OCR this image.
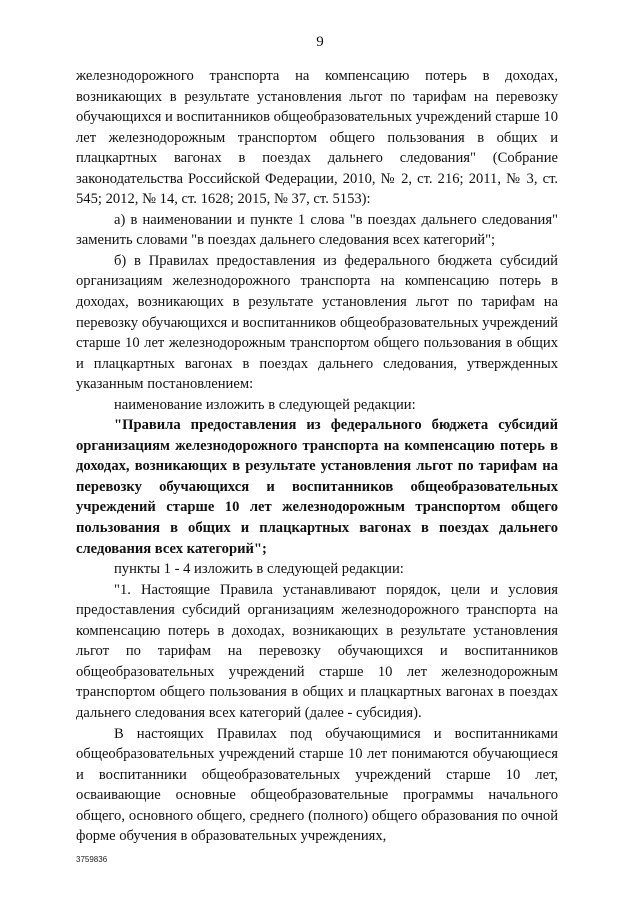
9

железнодорожного транспорта на компенсацию потерь в доходах, возникающих в результате установления льгот по тарифам на перевозку обучающихся и воспитанников общеобразовательных учреждений старше 10 лет железнодорожным транспортом общего пользования в общих и плацкартных вагонах в поездах дальнего следования" (Собрание законодательства Российской Федерации, 2010, № 2, ст. 216; 2011, № 3, ст. 545; 2012, № 14, ст. 1628; 2015, № 37, ст. 5153):

а) в наименовании и пункте 1 слова "в поездах дальнего следования" заменить словами "в поездах дальнего следования всех категорий";

б) в Правилах предоставления из федерального бюджета субсидий организациям железнодорожного транспорта на компенсацию потерь в доходах, возникающих в результате установления льгот по тарифам на перевозку обучающихся и воспитанников общеобразовательных учреждений старше 10 лет железнодорожным транспортом общего пользования в общих и плацкартных вагонах в поездах дальнего следования, утвержденных указанным постановлением:

наименование изложить в следующей редакции:

"Правила предоставления из федерального бюджета субсидий организациям железнодорожного транспорта на компенсацию потерь в доходах, возникающих в результате установления льгот по тарифам на перевозку обучающихся и воспитанников общеобразовательных учреждений старше 10 лет железнодорожным транспортом общего пользования в общих и плацкартных вагонах в поездах дальнего следования всех категорий";

пункты 1 - 4 изложить в следующей редакции:

"1. Настоящие Правила устанавливают порядок, цели и условия предоставления субсидий организациям железнодорожного транспорта на компенсацию потерь в доходах, возникающих в результате установления льгот по тарифам на перевозку обучающихся и воспитанников общеобразовательных учреждений старше 10 лет железнодорожным транспортом общего пользования в общих и плацкартных вагонах в поездах дальнего следования всех категорий (далее - субсидия).

В настоящих Правилах под обучающимися и воспитанниками общеобразовательных учреждений старше 10 лет понимаются обучающиеся и воспитанники общеобразовательных учреждений старше 10 лет, осваивающие основные общеобразовательные программы начального общего, основного общего, среднего (полного) общего образования по очной форме обучения в образовательных учреждениях,

3759836
